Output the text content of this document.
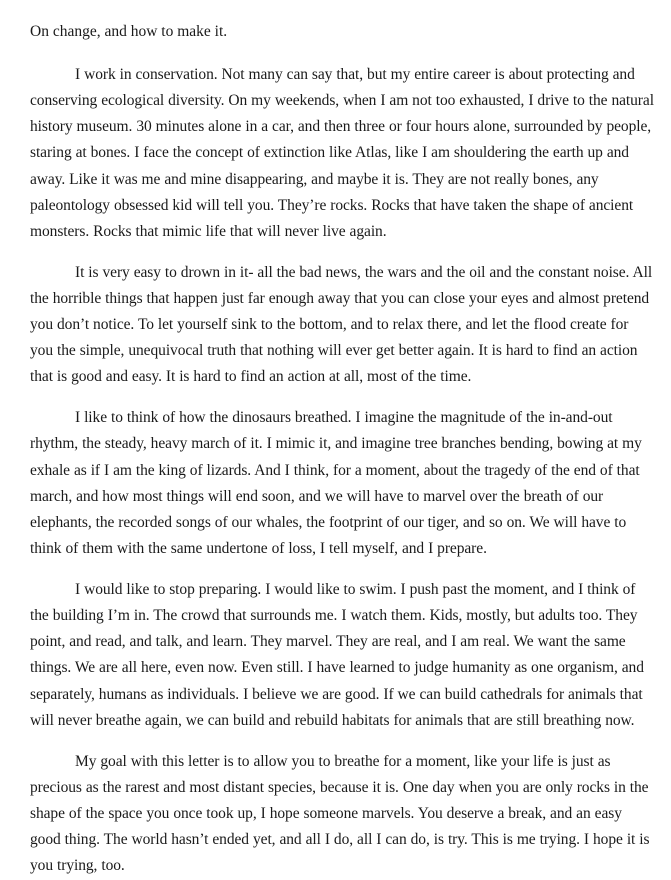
On change, and how to make it.

I work in conservation. Not many can say that, but my entire career is about protecting and conserving ecological diversity. On my weekends, when I am not too exhausted, I drive to the natural history museum. 30 minutes alone in a car, and then three or four hours alone, surrounded by people, staring at bones. I face the concept of extinction like Atlas, like I am shouldering the earth up and away. Like it was me and mine disappearing, and maybe it is. They are not really bones, any paleontology obsessed kid will tell you. They’re rocks. Rocks that have taken the shape of ancient monsters. Rocks that mimic life that will never live again.

It is very easy to drown in it- all the bad news, the wars and the oil and the constant noise. All the horrible things that happen just far enough away that you can close your eyes and almost pretend you don’t notice. To let yourself sink to the bottom, and to relax there, and let the flood create for you the simple, unequivocal truth that nothing will ever get better again. It is hard to find an action that is good and easy. It is hard to find an action at all, most of the time.

I like to think of how the dinosaurs breathed. I imagine the magnitude of the in-and-out rhythm, the steady, heavy march of it. I mimic it, and imagine tree branches bending, bowing at my exhale as if I am the king of lizards. And I think, for a moment, about the tragedy of the end of that march, and how most things will end soon, and we will have to marvel over the breath of our elephants, the recorded songs of our whales, the footprint of our tiger, and so on. We will have to think of them with the same undertone of loss, I tell myself, and I prepare.

I would like to stop preparing. I would like to swim. I push past the moment, and I think of the building I’m in. The crowd that surrounds me. I watch them. Kids, mostly, but adults too. They point, and read, and talk, and learn. They marvel. They are real, and I am real. We want the same things. We are all here, even now. Even still. I have learned to judge humanity as one organism, and separately, humans as individuals. I believe we are good. If we can build cathedrals for animals that will never breathe again, we can build and rebuild habitats for animals that are still breathing now.

My goal with this letter is to allow you to breathe for a moment, like your life is just as precious as the rarest and most distant species, because it is. One day when you are only rocks in the shape of the space you once took up, I hope someone marvels. You deserve a break, and an easy good thing. The world hasn’t ended yet, and all I do, all I can do, is try. This is me trying. I hope it is you trying, too.
